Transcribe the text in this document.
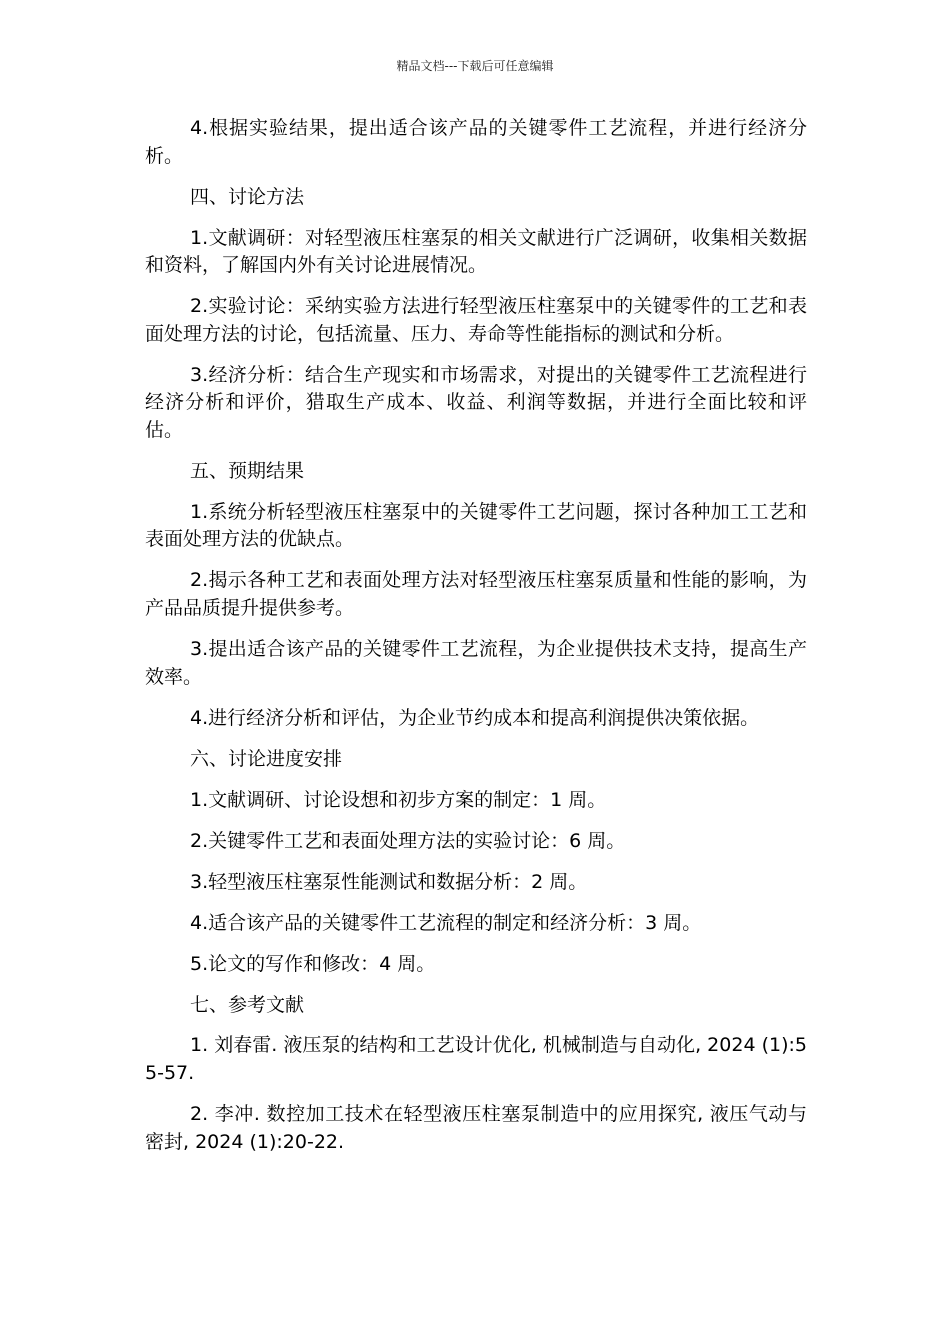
精品文档---下载后可任意编辑

4.根据实验结果，提出适合该产品的关键零件工艺流程，并进行经济分析。

四、讨论方法

1.文献调研：对轻型液压柱塞泵的相关文献进行广泛调研，收集相关数据和资料，了解国内外有关讨论进展情况。

2.实验讨论：采纳实验方法进行轻型液压柱塞泵中的关键零件的工艺和表面处理方法的讨论，包括流量、压力、寿命等性能指标的测试和分析。

3.经济分析：结合生产现实和市场需求，对提出的关键零件工艺流程进行经济分析和评价，猎取生产成本、收益、利润等数据，并进行全面比较和评估。

五、预期结果

1.系统分析轻型液压柱塞泵中的关键零件工艺问题，探讨各种加工工艺和表面处理方法的优缺点。

2.揭示各种工艺和表面处理方法对轻型液压柱塞泵质量和性能的影响，为产品品质提升提供参考。

3.提出适合该产品的关键零件工艺流程，为企业提供技术支持，提高生产效率。

4.进行经济分析和评估，为企业节约成本和提高利润提供决策依据。

六、讨论进度安排

1.文献调研、讨论设想和初步方案的制定：1 周。

2.关键零件工艺和表面处理方法的实验讨论：6 周。

3.轻型液压柱塞泵性能测试和数据分析：2 周。

4.适合该产品的关键零件工艺流程的制定和经济分析：3 周。

5.论文的写作和修改：4 周。

七、参考文献

1. 刘春雷. 液压泵的结构和工艺设计优化, 机械制造与自动化, 2024 (1):55-57.

2. 李冲. 数控加工技术在轻型液压柱塞泵制造中的应用探究, 液压气动与密封, 2024 (1):20-22.
